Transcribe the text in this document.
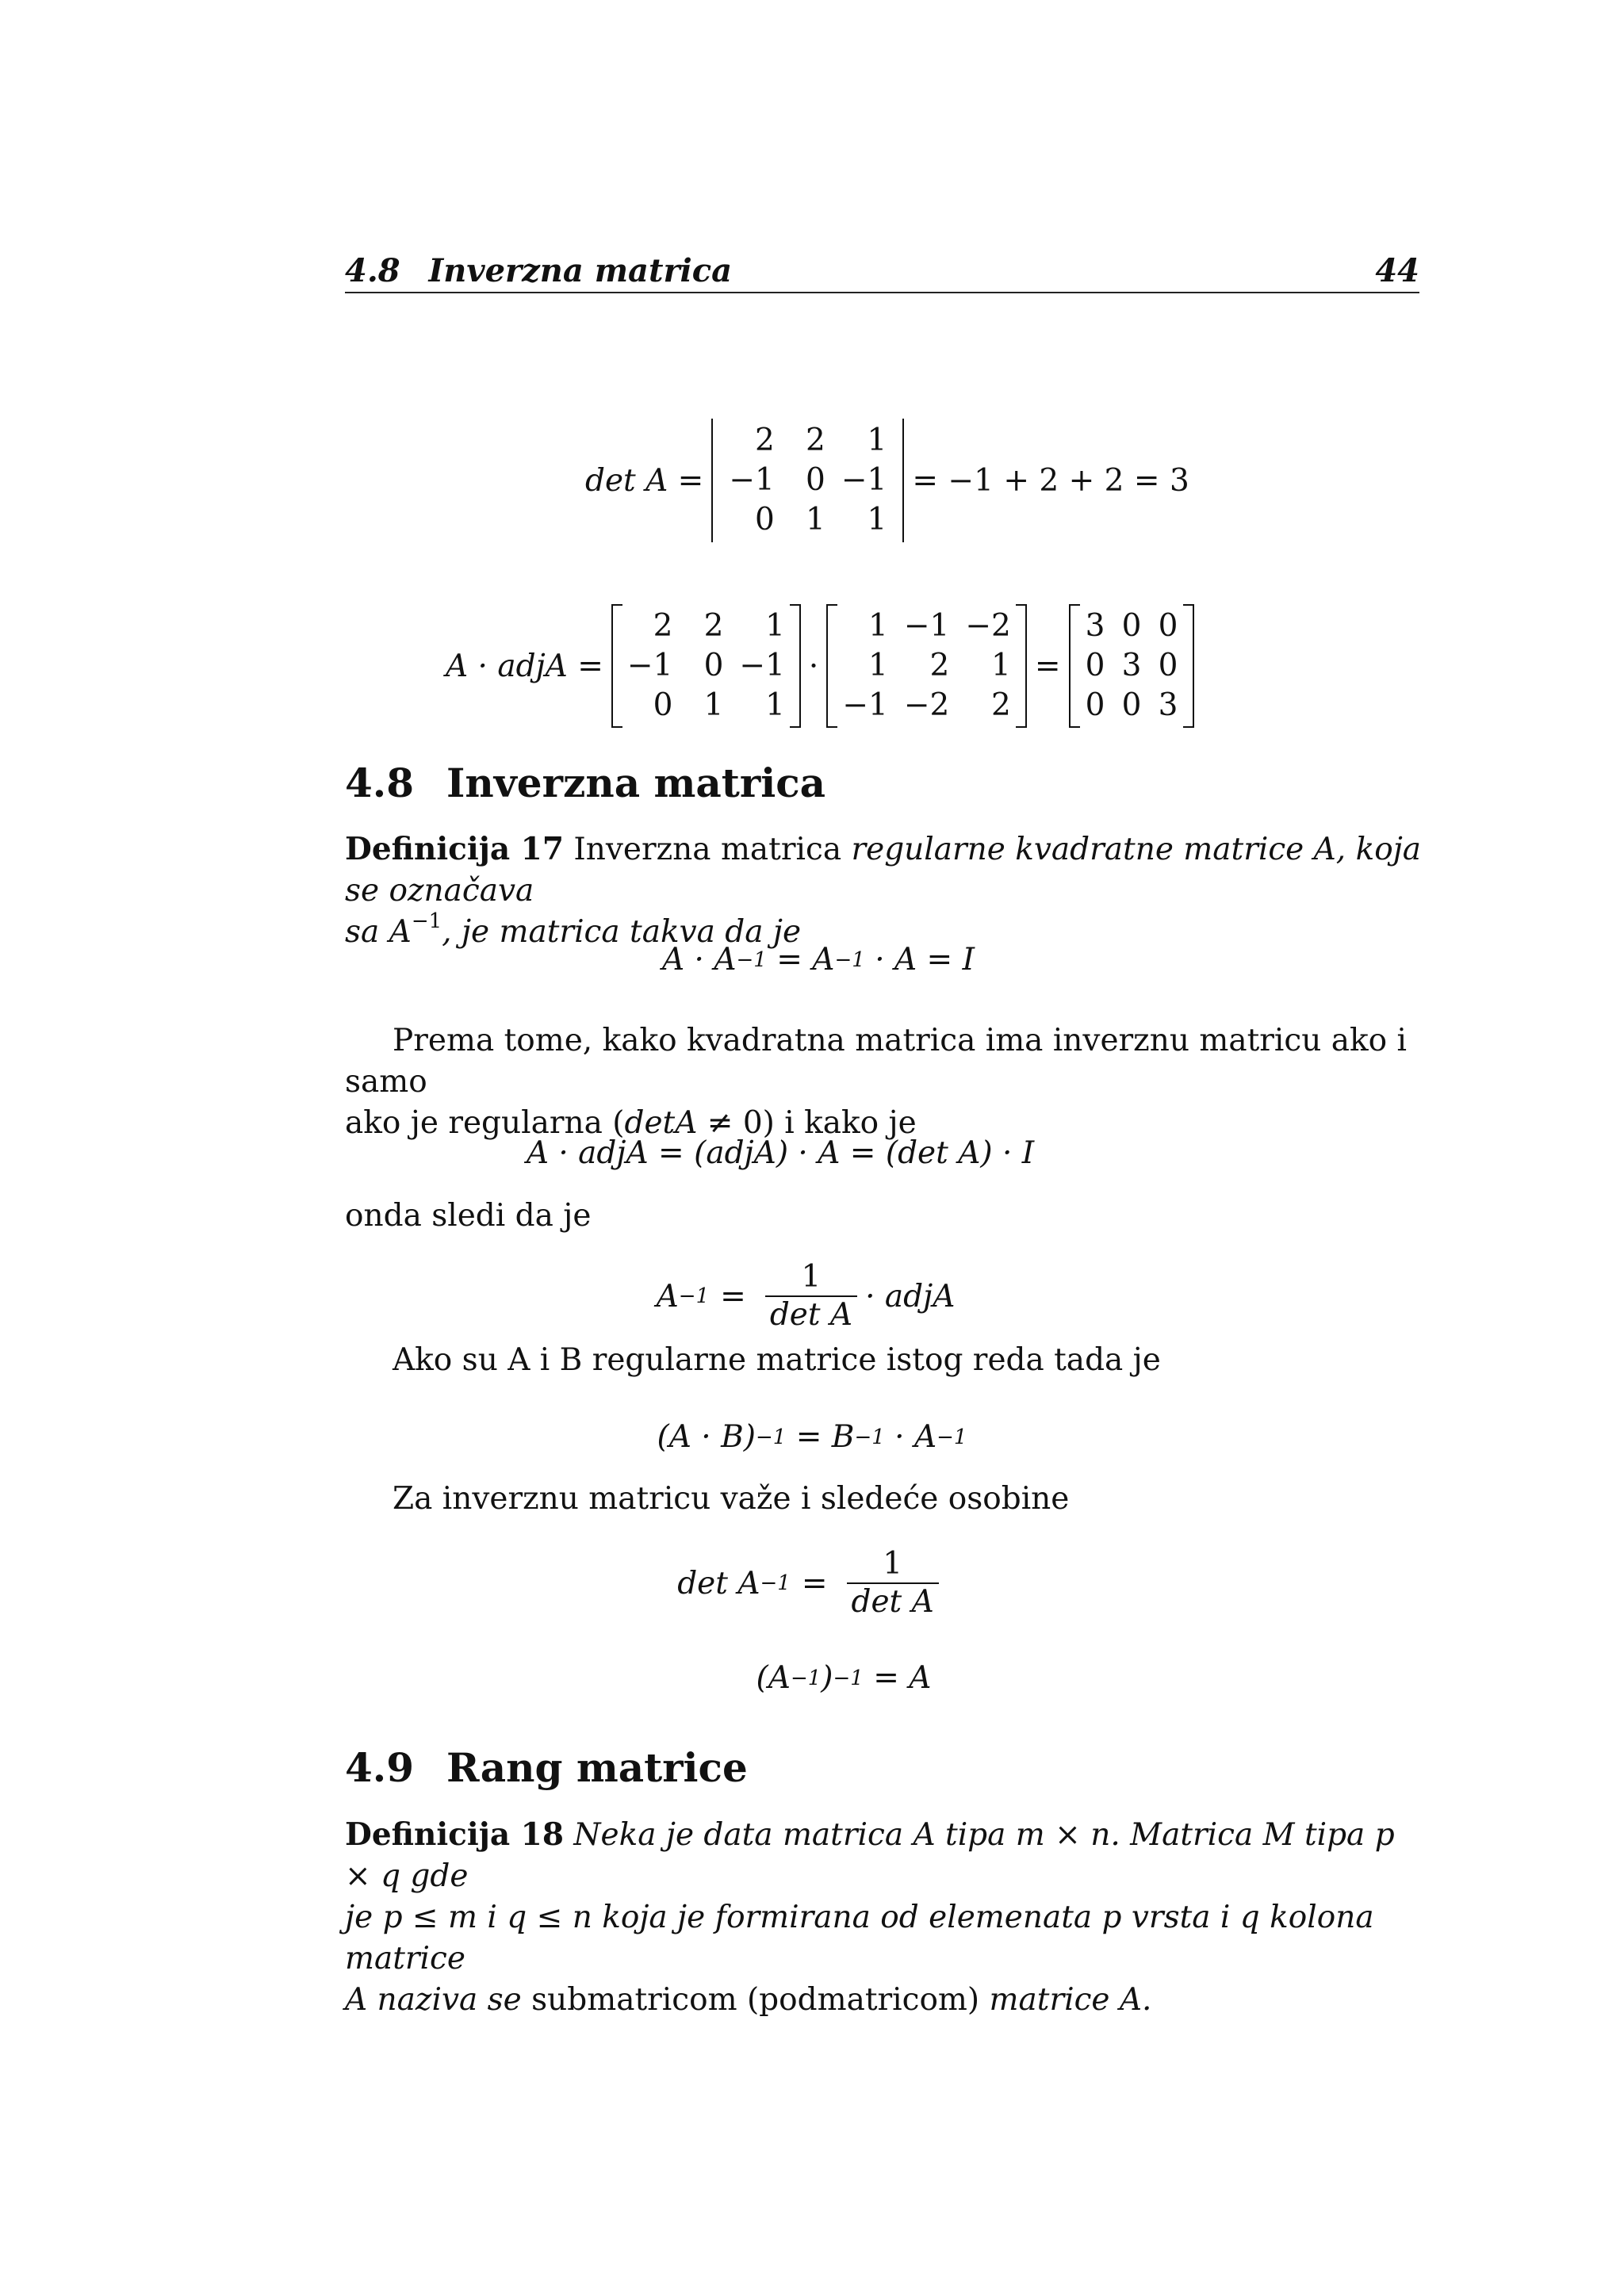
4.8 Inverzna matrica	44
det A =
2	2	1
−1	0 −1
0	1	1
= −1 + 2 + 2 = 3
A · adjA =
2	2	1
−1	0 −1
0	1	1
·
1 −1 −2
1	2	1
−1 −2	2
=
3 0 0
0 3 0
0 0 3
4.8 Inverzna matrica
Definicija 17 Inverzna matrica regularne kvadratne matrice A, koja se označava
sa $A^{-1}$, je matrica takva da je
A · A −1 = A −1 · A = I
Prema tome, kako kvadratna matrica ima inverznu matricu ako i samo
ako je regularna (detA ≠ 0) i kako je
A · adjA = (adjA) · A = (det A) · I
onda sledi da je
$A -1 = \frac{1}{\text{det A}}$ · adjA
Ako su A i B regularne matrice istog reda tada je
(A · B) −1 = B −1 · A −1
Za inverznu matricu važe i sledeće osobine
$\det A -1 = \frac{1}{\text{det A}}$
(A −1 ) −1 = A
4.9 Rang matrice
Definicija 18 Neka je data matrica A tipa m × n. Matrica M tipa p × q gde
je p ≤ m i q ≤ n koja je formirana od elemenata p vrsta i q kolona matrice
A naziva se submatricom (podmatricom) matrice A.
